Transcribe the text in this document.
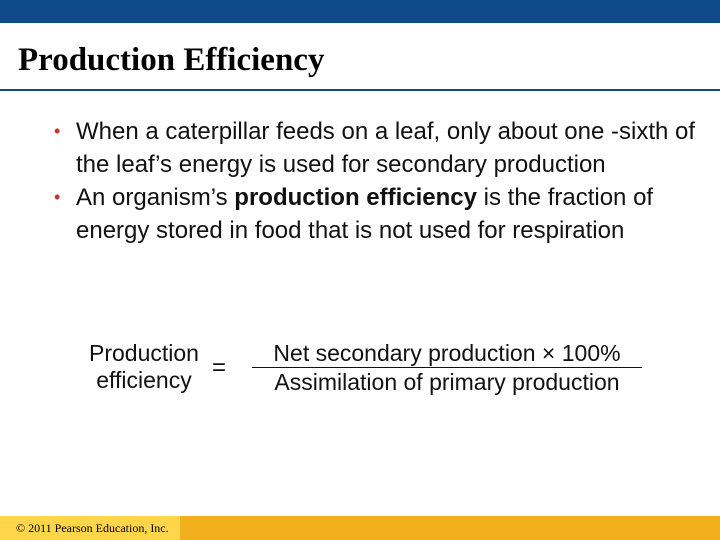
Production Efficiency
• When a caterpillar feeds on a leaf, only about one -sixth of the leaf’s energy is used for secondary production
• An organism’s production efficiency is the fraction of energy stored in food that is not used for respiration
Production
efficiency =
Net secondary production × 100%
Assimilation of primary production
© 2011 Pearson Education, Inc.
